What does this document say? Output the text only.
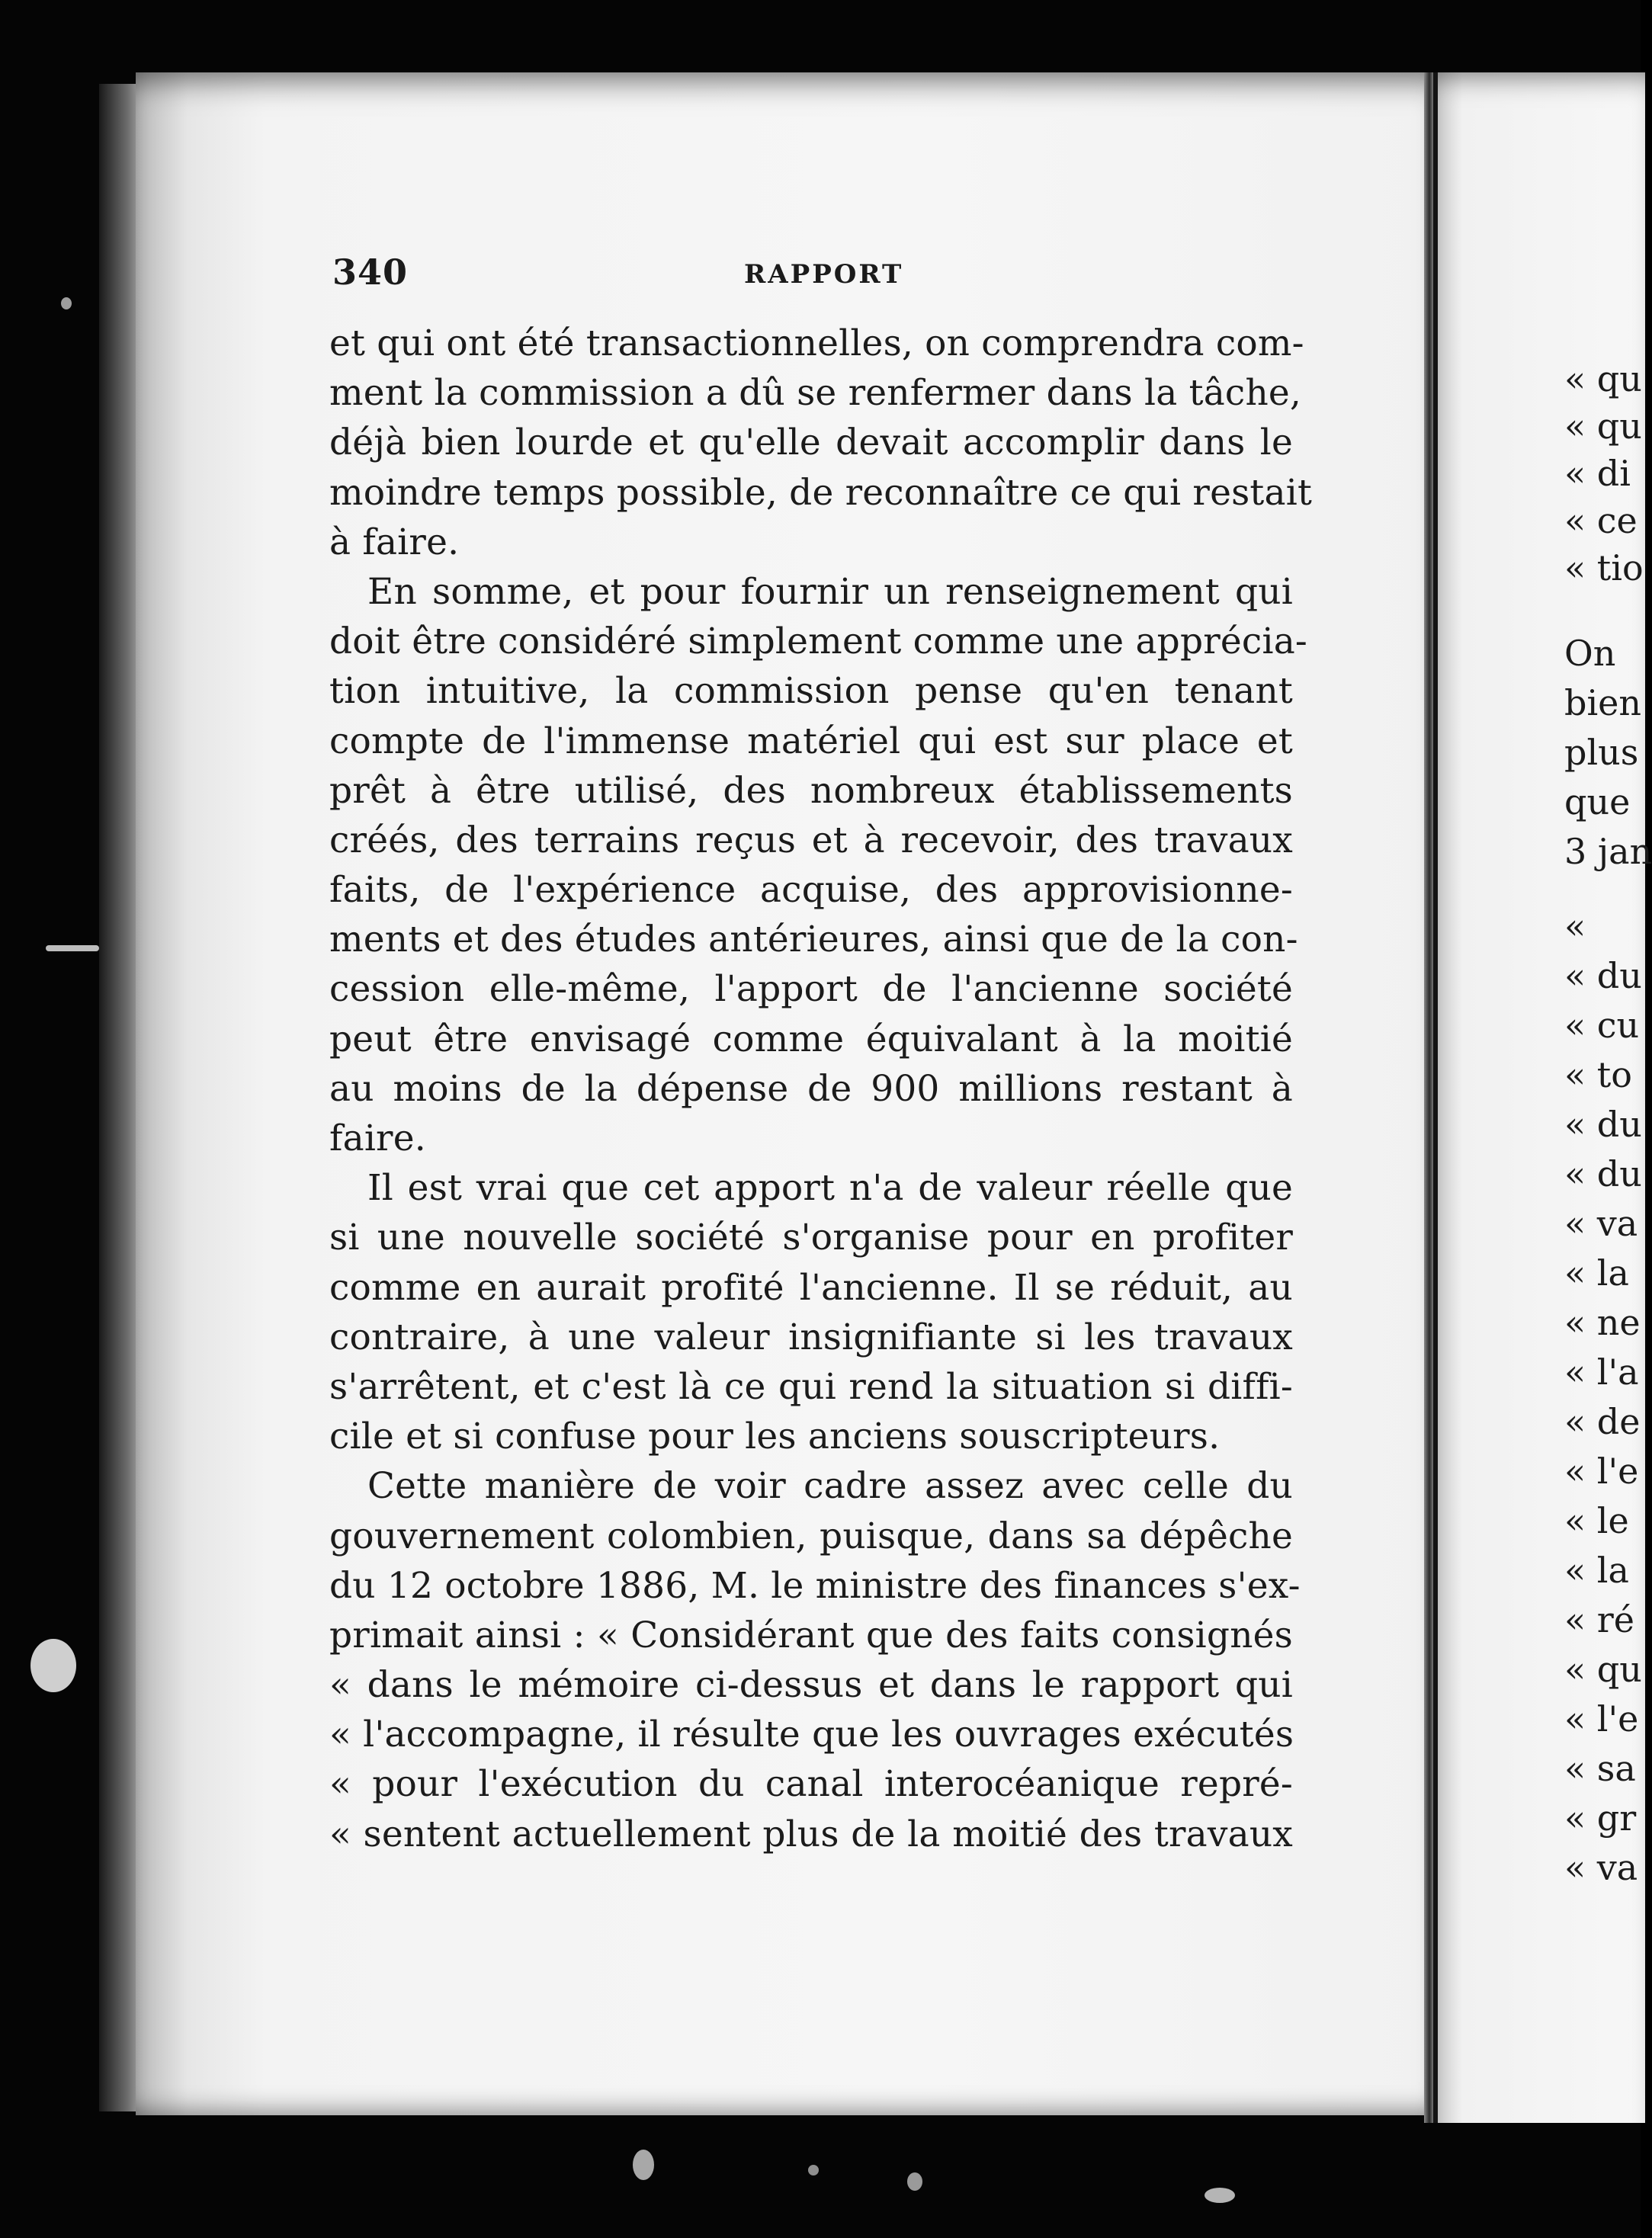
340	RAPPORT
et qui ont été transactionnelles, on comprendra com-
ment la commission a dû se renfermer dans la tâche,
déjà bien lourde et qu'elle devait accomplir dans le
moindre temps possible, de reconnaître ce qui restait
à faire.
En somme, et pour fournir un renseignement qui
doit être considéré simplement comme une apprécia-
tion intuitive, la commission pense qu'en tenant
compte de l'immense matériel qui est sur place et
prêt à être utilisé, des nombreux établissements
créés, des terrains reçus et à recevoir, des travaux
faits, de l'expérience acquise, des approvisionne-
ments et des études antérieures, ainsi que de la con-
cession elle-même, l'apport de l'ancienne société
peut être envisagé comme équivalant à la moitié
au moins de la dépense de 900 millions restant à
faire.
Il est vrai que cet apport n'a de valeur réelle que
si une nouvelle société s'organise pour en profiter
comme en aurait profité l'ancienne. Il se réduit, au
contraire, à une valeur insignifiante si les travaux
s'arrêtent, et c'est là ce qui rend la situation si diffi-
cile et si confuse pour les anciens souscripteurs.
Cette manière de voir cadre assez avec celle du
gouvernement colombien, puisque, dans sa dépêche
du 12 octobre 1886, M. le ministre des finances s'ex-
primait ainsi : « Considérant que des faits consignés
« dans le mémoire ci-dessus et dans le rapport qui
« l'accompagne, il résulte que les ouvrages exécutés
« pour l'exécution du canal interocéanique repré-
« sentent actuellement plus de la moitié des travaux
« qu
« qu
« di
« ce
« tio
On
bien
plus
que
3 jan
«
« du
« cu
« to
« du
« du
« va
« la
« ne
« l'a
« de
« l'e
« le
« la
« ré
« qu
« l'e
« sa
« gr
« va
